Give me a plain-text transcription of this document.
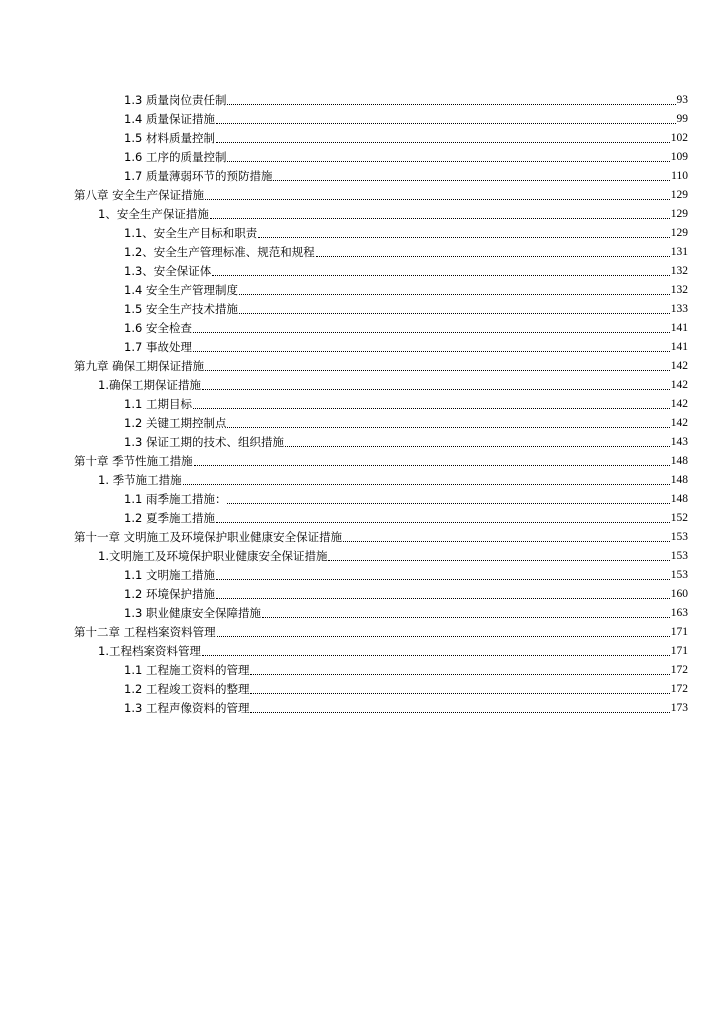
1.3 质量岗位责任制	93
1.4 质量保证措施	99
1.5 材料质量控制	102
1.6 工序的质量控制	109
1.7 质量薄弱环节的预防措施	110
第八章 安全生产保证措施	129
1、安全生产保证措施	129
1.1、安全生产目标和职责	129
1.2、安全生产管理标准、规范和规程	131
1.3、安全保证体	132
1.4 安全生产管理制度	132
1.5 安全生产技术措施	133
1.6 安全检查	141
1.7 事故处理	141
第九章 确保工期保证措施	142
1.确保工期保证措施	142
1.1 工期目标	142
1.2 关键工期控制点	142
1.3 保证工期的技术、组织措施	143
第十章 季节性施工措施	148
1. 季节施工措施	148
1.1 雨季施工措施：	148
1.2 夏季施工措施	152
第十一章 文明施工及环境保护职业健康安全保证措施	153
1.文明施工及环境保护职业健康安全保证措施	153
1.1 文明施工措施	153
1.2 环境保护措施	160
1.3 职业健康安全保障措施	163
第十二章 工程档案资料管理	171
1.工程档案资料管理	171
1.1 工程施工资料的管理	172
1.2 工程竣工资料的整理	172
1.3 工程声像资料的管理	173
